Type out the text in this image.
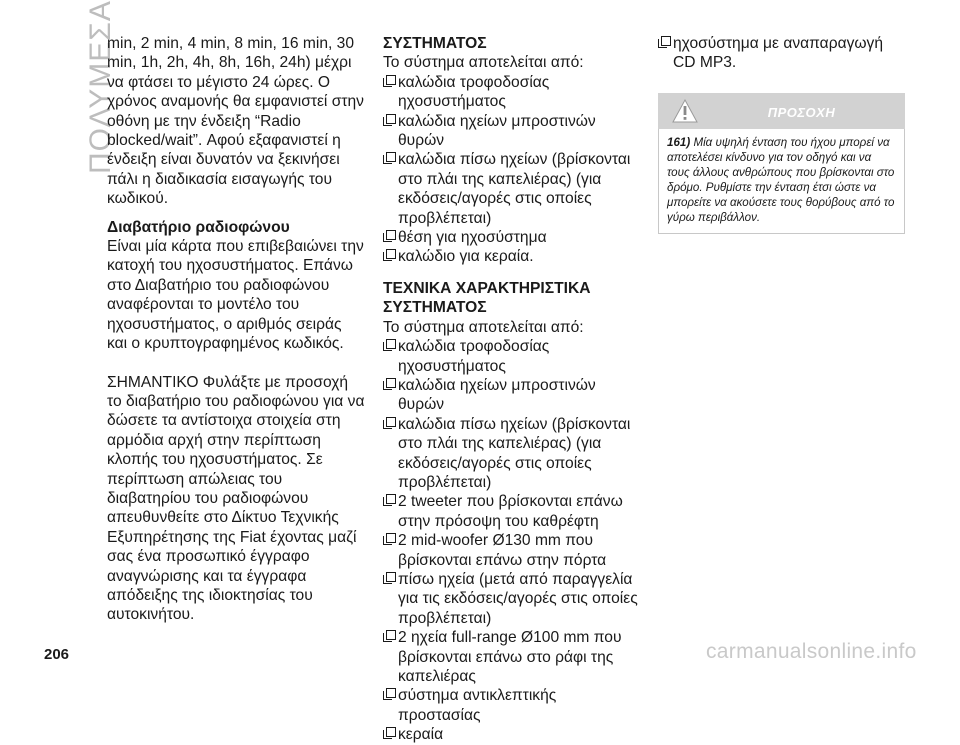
ΠΟΛΥΜΕΣΑ

min, 2 min, 4 min, 8 min, 16 min, 30 min, 1h, 2h, 4h, 8h, 16h, 24h) μέχρι να φτάσει το μέγιστο 24 ώρες. Ο χρόνος αναμονής θα εμφανιστεί στην οθόνη με την ένδειξη “Radio blocked/wait”. Αφού εξαφανιστεί η ένδειξη είναι δυνατόν να ξεκινήσει πάλι η διαδικασία εισαγωγής του κωδικού.

Διαβατήριο ραδιοφώνου

Είναι μία κάρτα που επιβεβαιώνει την κατοχή του ηχοσυστήματος. Επάνω στο Διαβατήριο του ραδιοφώνου αναφέρονται το μοντέλο του ηχοσυστήματος, ο αριθμός σειράς και ο κρυπτογραφημένος κωδικός.

ΣΗΜΑΝΤΙΚΟ Φυλάξτε με προσοχή το διαβατήριο του ραδιοφώνου για να δώσετε τα αντίστοιχα στοιχεία στη αρμόδια αρχή στην περίπτωση κλοπής του ηχοσυστήματος. Σε περίπτωση απώλειας του διαβατηρίου του ραδιοφώνου απευθυνθείτε στο Δίκτυο Τεχνικής Εξυπηρέτησης της Fiat έχοντας μαζί σας ένα προσωπικό έγγραφο αναγνώρισης και τα έγγραφα απόδειξης της ιδιοκτησίας του αυτοκινήτου.

ΣΥΣΤΗΜΑΤΟΣ

Το σύστημα αποτελείται από:

καλώδια τροφοδοσίας ηχοσυστήματος

καλώδια ηχείων μπροστινών θυρών

καλώδια πίσω ηχείων (βρίσκονται στο πλάι της καπελιέρας) (για εκδόσεις/αγορές στις οποίες προβλέπεται)

θέση για ηχοσύστημα

καλώδιο για κεραία.

ΤΕΧΝΙΚΑ ΧΑΡΑΚΤΗΡΙΣΤΙΚΑ

ΣΥΣΤΗΜΑΤΟΣ

Το σύστημα αποτελείται από:

καλώδια τροφοδοσίας ηχοσυστήματος

καλώδια ηχείων μπροστινών θυρών

καλώδια πίσω ηχείων (βρίσκονται στο πλάι της καπελιέρας) (για εκδόσεις/αγορές στις οποίες προβλέπεται)

2 tweeter που βρίσκονται επάνω στην πρόσοψη του καθρέφτη

2 mid-woofer Ø130 mm που βρίσκονται επάνω στην πόρτα

πίσω ηχεία (μετά από παραγγελία για τις εκδόσεις/αγορές στις οποίες προβλέπεται)

2 ηχεία full-range Ø100 mm που βρίσκονται επάνω στο ράφι της καπελιέρας

σύστημα αντικλεπτικής προστασίας

κεραία

ηχοσύστημα με αναπαραγωγή CD MP3.

ΠΡΟΣΟΧΗ
161) Μία υψηλή ένταση του ήχου μπορεί να αποτελέσει κίνδυνο για τον οδηγό και να τους άλλους ανθρώπους που βρίσκονται στο δρόμο. Ρυθμίστε την ένταση έτσι ώστε να μπορείτε να ακούσετε τους θορύβους από το γύρω περιβάλλον.
206	carmanualsonline.info
